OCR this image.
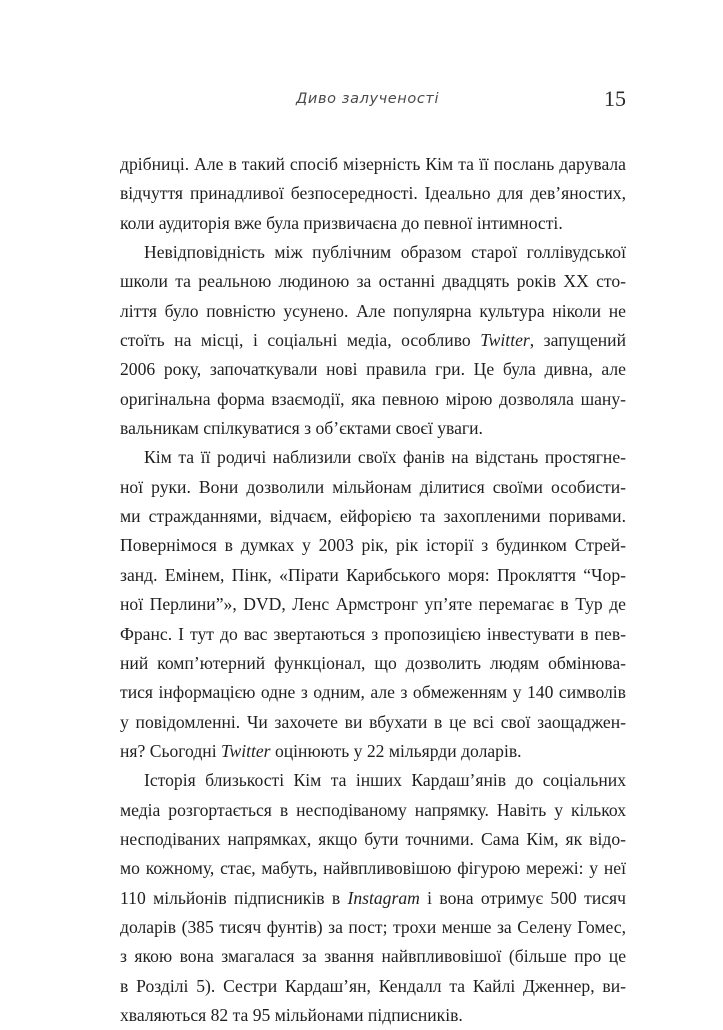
Диво залученості	15

дрібниці. Але в такий спосіб мізерність Кім та її послань дарувала
відчуття принадливої безпосередності. Ідеально для дев’яностих,
коли аудиторія вже була призвичаєна до певної інтимності.

Невідповідність між публічним образом старої голлівудської
школи та реальною людиною за останні двадцять років ХХ сто-
ліття було повністю усунено. Але популярна культура ніколи не
стоїть на місці, і соціальні медіа, особливо Twitter, запущений
2006 року, започаткували нові правила гри. Це була дивна, але
оригінальна форма взаємодії, яка певною мірою дозволяла шану-
вальникам спілкуватися з об’єктами своєї уваги.

Кім та її родичі наблизили своїх фанів на відстань простягне-
ної руки. Вони дозволили мільйонам ділитися своїми особисти-
ми стражданнями, відчаєм, ейфорією та захопленими поривами.
Повернімося в думках у 2003 рік, рік історії з будинком Стрей-
занд. Емінем, Пінк, «Пірати Карибського моря: Прокляття “Чор-
ної Перлини”», DVD, Ленс Армстронг уп’яте перемагає в Тур де
Франс. І тут до вас звертаються з пропозицією інвестувати в пев-
ний комп’ютерний функціонал, що дозволить людям обмінюва-
тися інформацією одне з одним, але з обмеженням у 140 символів
у повідомленні. Чи захочете ви вбухати в це всі свої заощаджен-
ня? Сьогодні Twitter оцінюють у 22 мільярди доларів.

Історія близькості Кім та інших Кардаш’янів до соціальних
медіа розгортається в несподіваному напрямку. Навіть у кількох
несподіваних напрямках, якщо бути точними. Сама Кім, як відо-
мо кожному, стає, мабуть, найвпливовішою фігурою мережі: у неї
110 мільйонів підписників в Instagram і вона отримує 500 тисяч
доларів (385 тисяч фунтів) за пост; трохи менше за Селену Гомес,
з якою вона змагалася за звання найвпливовішої (більше про це
в Розділі 5). Сестри Кардаш’ян, Кендалл та Кайлі Дженнер, ви-
хваляються 82 та 95 мільйонами підписників.
